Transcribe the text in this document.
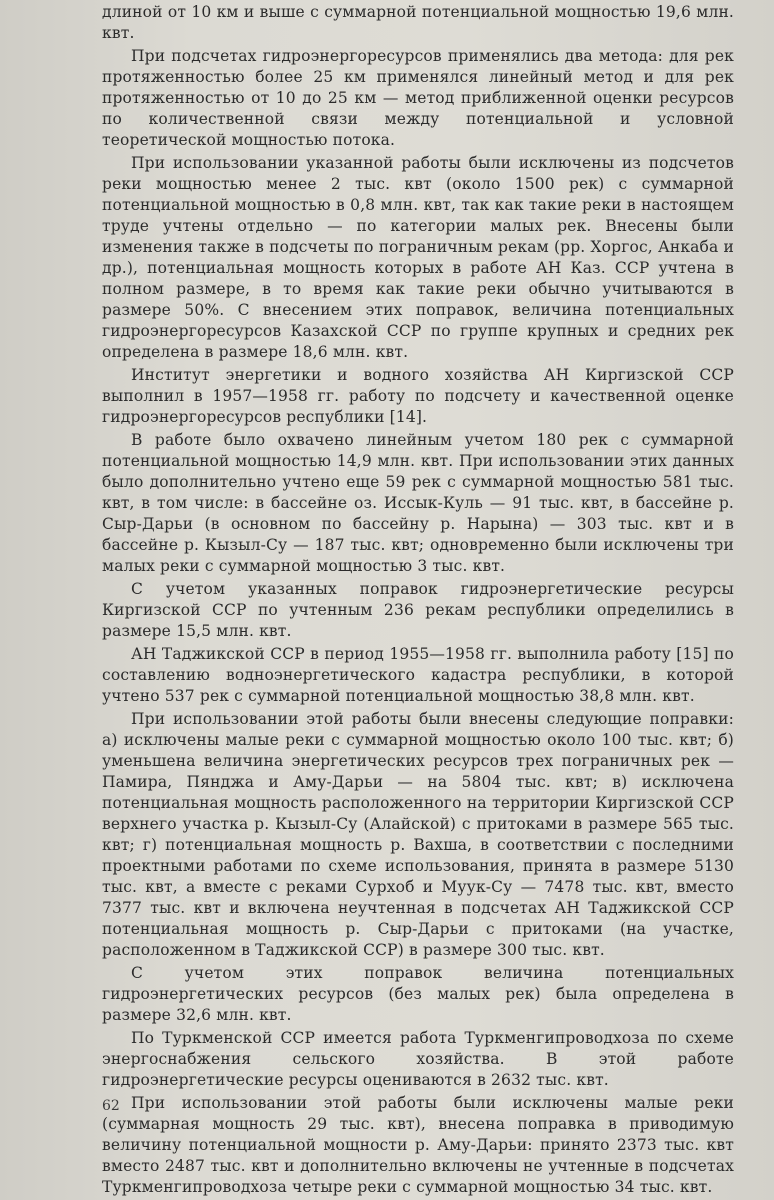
длиной от 10 км и выше с суммарной потенциальной мощностью 19,6 млн. квт.

При подсчетах гидроэнергоресурсов применялись два метода: для рек протяженностью более 25 км применялся линейный метод и для рек протяженностью от 10 до 25 км — метод приближенной оценки ресурсов по количественной связи между потенциальной и условной теоретической мощностью потока.

При использовании указанной работы были исключены из подсчетов реки мощностью менее 2 тыс. квт (около 1500 рек) с суммарной потенциальной мощностью в 0,8 млн. квт, так как такие реки в настоящем труде учтены отдельно — по категории малых рек. Внесены были изменения также в подсчеты по пограничным рекам (рр. Хоргос, Анкаба и др.), потенциальная мощность которых в работе АН Каз. ССР учтена в полном размере, в то время как такие реки обычно учитываются в размере 50%. С внесением этих поправок, величина потенциальных гидроэнергоресурсов Казахской ССР по группе крупных и средних рек определена в размере 18,6 млн. квт.

Институт энергетики и водного хозяйства АН Киргизской ССР выполнил в 1957—1958 гг. работу по подсчету и качественной оценке гидроэнергоресурсов республики [14].

В работе было охвачено линейным учетом 180 рек с суммарной потенциальной мощностью 14,9 млн. квт. При использовании этих данных было дополнительно учтено еще 59 рек с суммарной мощностью 581 тыс. квт, в том числе: в бассейне оз. Иссык-Куль — 91 тыс. квт, в бассейне р. Сыр-Дарьи (в основном по бассейну р. Нарына) — 303 тыс. квт и в бассейне р. Кызыл-Су — 187 тыс. квт; одновременно были исключены три малых реки с суммарной мощностью 3 тыс. квт.

С учетом указанных поправок гидроэнергетические ресурсы Киргизской ССР по учтенным 236 рекам республики определились в размере 15,5 млн. квт.

АН Таджикской ССР в период 1955—1958 гг. выполнила работу [15] по составлению водноэнергетического кадастра республики, в которой учтено 537 рек с суммарной потенциальной мощностью 38,8 млн. квт.

При использовании этой работы были внесены следующие поправки: а) исключены малые реки с суммарной мощностью около 100 тыс. квт; б) уменьшена величина энергетических ресурсов трех пограничных рек — Памира, Пянджа и Аму-Дарьи — на 5804 тыс. квт; в) исключена потенциальная мощность расположенного на территории Киргизской ССР верхнего участка р. Кызыл-Су (Алайской) с притоками в размере 565 тыс. квт; г) потенциальная мощность р. Вахша, в соответствии с последними проектными работами по схеме использования, принята в размере 5130 тыс. квт, а вместе с реками Сурхоб и Муук-Су — 7478 тыс. квт, вместо 7377 тыс. квт и включена неучтенная в подсчетах АН Таджикской ССР потенциальная мощность р. Сыр-Дарьи с притоками (на участке, расположенном в Таджикской ССР) в размере 300 тыс. квт.

С учетом этих поправок величина потенциальных гидроэнергетических ресурсов (без малых рек) была определена в размере 32,6 млн. квт.

По Туркменской ССР имеется работа Туркменгипроводхоза по схеме энергоснабжения сельского хозяйства. В этой работе гидроэнергетические ресурсы оцениваются в 2632 тыс. квт.

При использовании этой работы были исключены малые реки (суммарная мощность 29 тыс. квт), внесена поправка в приводимую величину потенциальной мощности р. Аму-Дарьи: принято 2373 тыс. квт вместо 2487 тыс. квт и дополнительно включены не учтенные в подсчетах Туркменгипроводхоза четыре реки с суммарной мощностью 34 тыс. квт.

62
